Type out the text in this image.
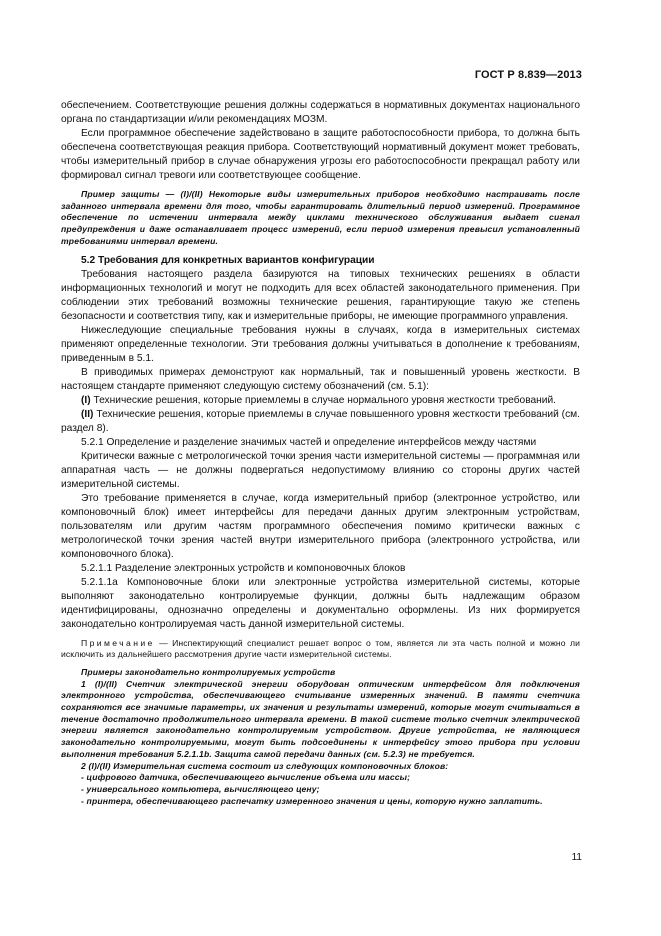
ГОСТ Р 8.839—2013

обеспечением. Соответствующие решения должны содержаться в нормативных документах национального органа по стандартизации и/или рекомендациях МОЗМ.

Если программное обеспечение задействовано в защите работоспособности прибора, то должна быть обеспечена соответствующая реакция прибора. Соответствующий нормативный документ может требовать, чтобы измерительный прибор в случае обнаружения угрозы его работоспособности прекращал работу или формировал сигнал тревоги или соответствующее сообщение.

Пример защиты — (I)/(II) Некоторые виды измерительных приборов необходимо настраивать после заданного интервала времени для того, чтобы гарантировать длительный период измерений. Программное обеспечение по истечении интервала между циклами технического обслуживания выдает сигнал предупреждения и даже останавливает процесс измерений, если период измерения превысил установленный требованиями интервал времени.

5.2 Требования для конкретных вариантов конфигурации

Требования настоящего раздела базируются на типовых технических решениях в области информационных технологий и могут не подходить для всех областей законодательного применения. При соблюдении этих требований возможны технические решения, гарантирующие такую же степень безопасности и соответствия типу, как и измерительные приборы, не имеющие программного управления.

Нижеследующие специальные требования нужны в случаях, когда в измерительных системах применяют определенные технологии. Эти требования должны учитываться в дополнение к требованиям, приведенным в 5.1.

В приводимых примерах демонструют как нормальный, так и повышенный уровень жесткости. В настоящем стандарте применяют следующую систему обозначений (см. 5.1):

(I) Технические решения, которые приемлемы в случае нормального уровня жесткости требований.

(II) Технические решения, которые приемлемы в случае повышенного уровня жесткости требований (см. раздел 8).

5.2.1 Определение и разделение значимых частей и определение интерфейсов между частями

Критически важные с метрологической точки зрения части измерительной системы — программная или аппаратная часть — не должны подвергаться недопустимому влиянию со стороны других частей измерительной системы.

Это требование применяется в случае, когда измерительный прибор (электронное устройство, или компоновочный блок) имеет интерфейсы для передачи данных другим электронным устройствам, пользователям или другим частям программного обеспечения помимо критически важных с метрологической точки зрения частей внутри измерительного прибора (электронного устройства, или компоновочного блока).

5.2.1.1 Разделение электронных устройств и компоновочных блоков

5.2.1.1a Компоновочные блоки или электронные устройства измерительной системы, которые выполняют законодательно контролируемые функции, должны быть надлежащим образом идентифицированы, однозначно определены и документально оформлены. Из них формируется законодательно контролируемая часть данной измерительной системы.

Примечание — Инспектирующий специалист решает вопрос о том, является ли эта часть полной и можно ли исключить из дальнейшего рассмотрения другие части измерительной системы.

Примеры законодательно контролируемых устройств

1 (I)/(II) Счетчик электрической энергии оборудован оптическим интерфейсом для подключения электронного устройства, обеспечивающего считывание измеренных значений. В памяти счетчика сохраняются все значимые параметры, их значения и результаты измерений, которые могут считываться в течение достаточно продолжительного интервала времени. В такой системе только счетчик электрической энергии является законодательно контролируемым устройством. Другие устройства, не являющиеся законодательно контролируемыми, могут быть подсоединены к интерфейсу этого прибора при условии выполнения требования 5.2.1.1b. Защита самой передачи данных (см. 5.2.3) не требуется.

2 (I)/(II) Измерительная система состоит из следующих компоновочных блоков:

- цифрового датчика, обеспечивающего вычисление объема или массы;

- универсального компьютера, вычисляющего цену;

- принтера, обеспечивающего распечатку измеренного значения и цены, которую нужно заплатить.

11
